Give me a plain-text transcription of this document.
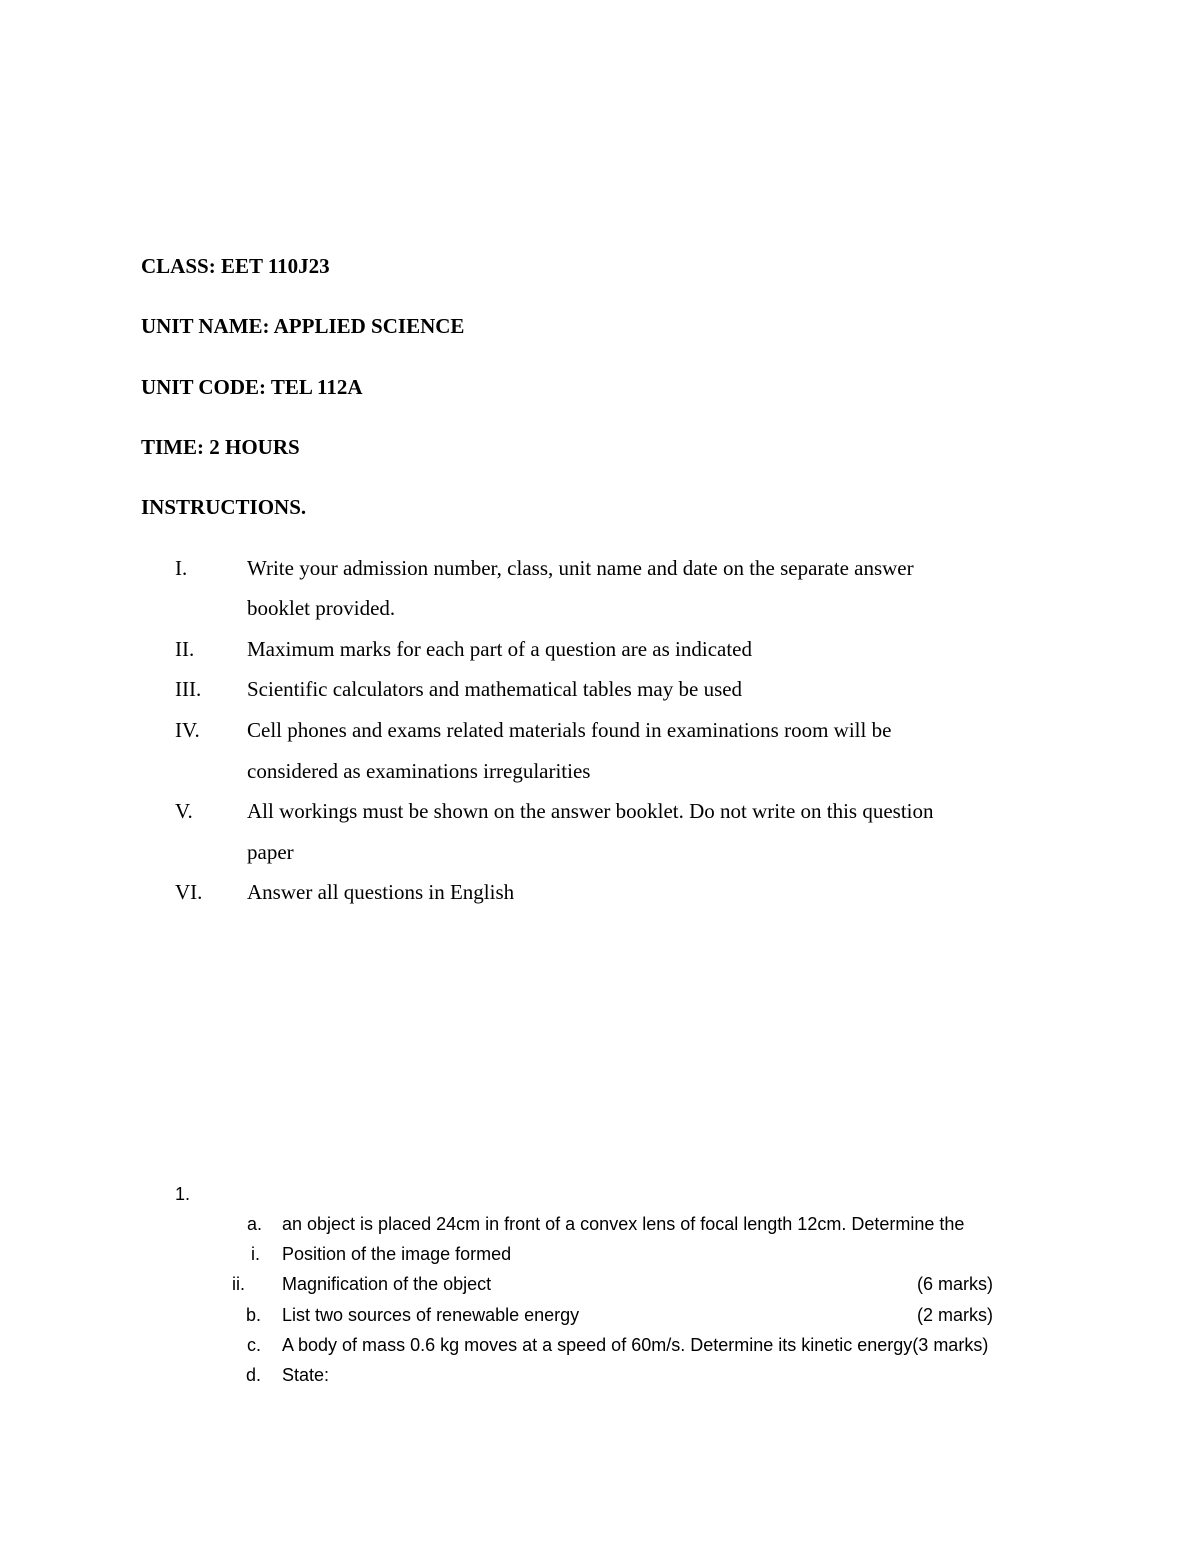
CLASS: EET 110J23
UNIT NAME: APPLIED SCIENCE
UNIT CODE: TEL 112A
TIME: 2 HOURS
INSTRUCTIONS.
I.	Write your admission number, class, unit name and date on the separate answer
booklet provided.
II.	Maximum marks for each part of a question are as indicated
III. Scientific calculators and mathematical tables may be used
IV. Cell phones and exams related materials found in examinations room will be
considered as examinations irregularities
V.	All workings must be shown on the answer booklet. Do not write on this question
paper
VI. Answer all questions in English
1.
a. an object is placed 24cm in front of a convex lens of focal length 12cm. Determine the
i. Position of the image formed
ii. Magnification of the object	(6 marks)
b. List two sources of renewable energy	(2 marks)
c. A body of mass 0.6 kg moves at a speed of 60m/s. Determine its kinetic energy(3 marks)
d. State:
